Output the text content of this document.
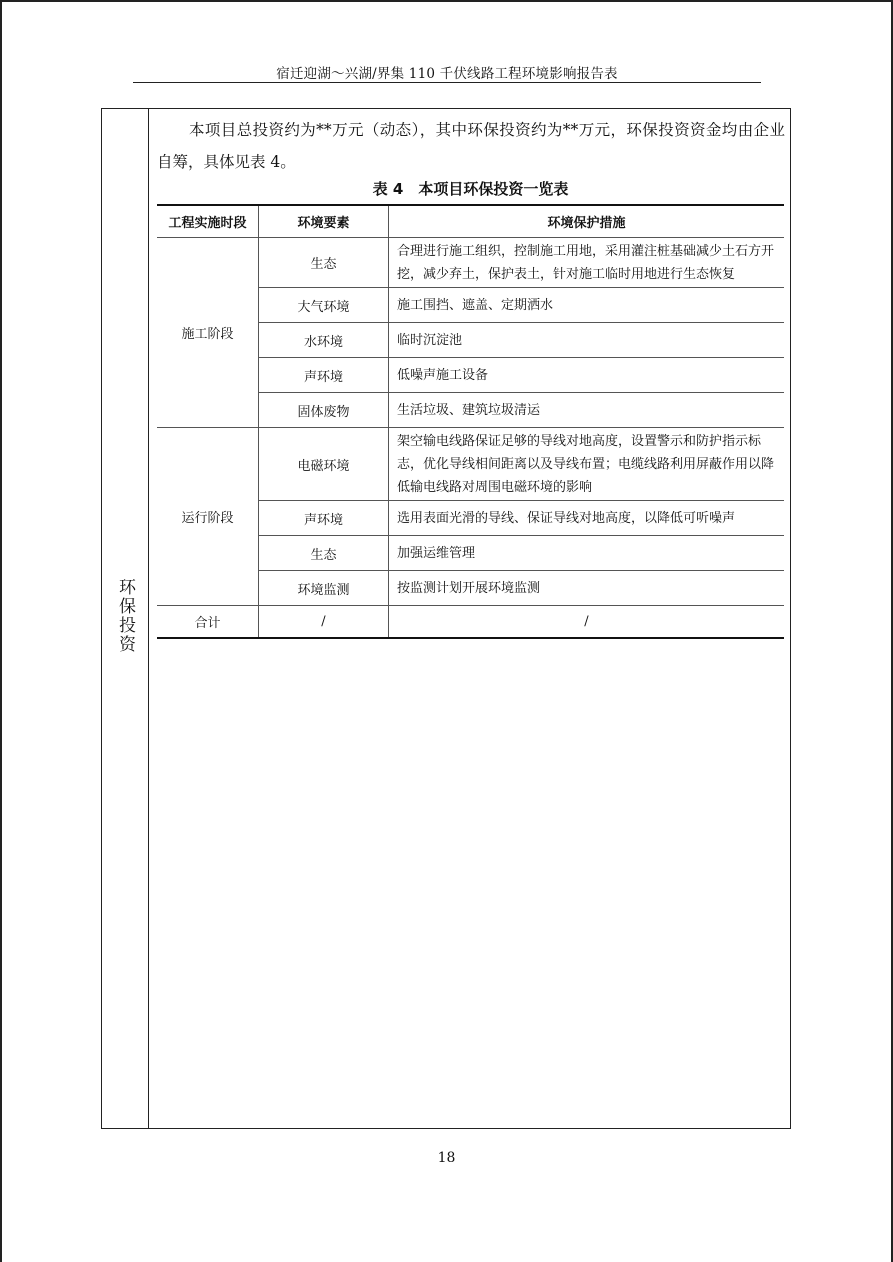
宿迁迎湖～兴湖/界集 110 千伏线路工程环境影响报告表
环保投资
本项目总投资约为**万元（动态），其中环保投资约为**万元，环保投资资金均由企业自筹，具体见表 4。
表 4　本项目环保投资一览表
工程实施时段	环境要素	环境保护措施
施工阶段	生态	合理进行施工组织，控制施工用地，采用灌注桩基础减少土石方开挖，减少弃土，保护表土，针对施工临时用地进行生态恢复
	大气环境	施工围挡、遮盖、定期洒水
	水环境	临时沉淀池
	声环境	低噪声施工设备
	固体废物	生活垃圾、建筑垃圾清运
运行阶段	电磁环境	架空输电线路保证足够的导线对地高度，设置警示和防护指示标志，优化导线相间距离以及导线布置；电缆线路利用屏蔽作用以降低输电线路对周围电磁环境的影响
	声环境	选用表面光滑的导线、保证导线对地高度，以降低可听噪声
	生态	加强运维管理
	环境监测	按监测计划开展环境监测
合计	/	/
18
